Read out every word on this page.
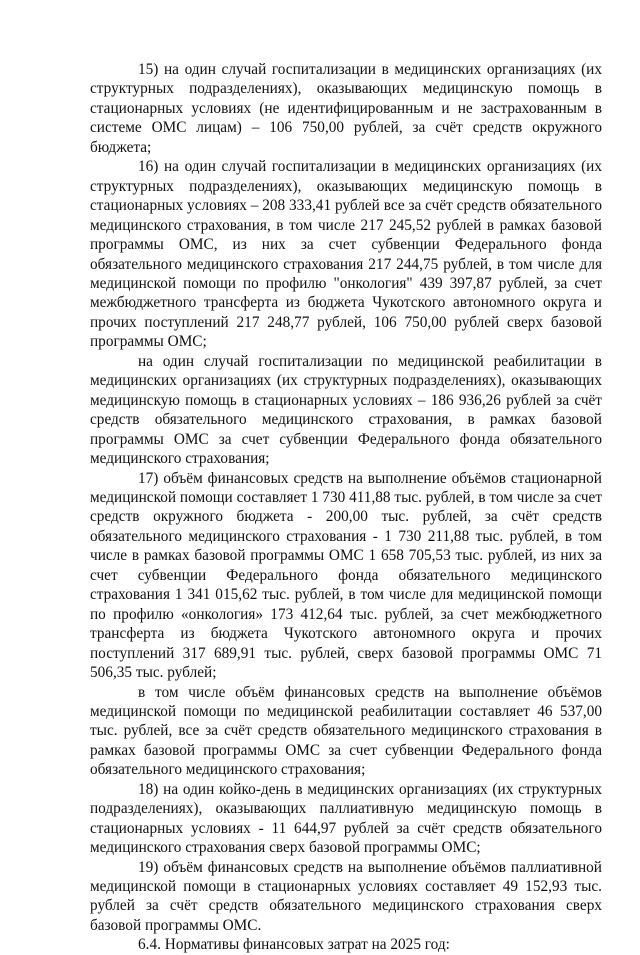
15) на один случай госпитализации в медицинских организациях (их структурных подразделениях), оказывающих медицинскую помощь в стационарных условиях (не идентифицированным и не застрахованным в системе ОМС лицам) – 106 750,00 рублей, за счёт средств окружного бюджета;

16) на один случай госпитализации в медицинских организациях (их структурных подразделениях), оказывающих медицинскую помощь в стационарных условиях – 208 333,41 рублей все за счёт средств обязательного медицинского страхования, в том числе 217 245,52 рублей в рамках базовой программы ОМС, из них за счет субвенции Федерального фонда обязательного медицинского страхования 217 244,75 рублей, в том числе для медицинской помощи по профилю "онкология" 439 397,87 рублей, за счет межбюджетного трансферта из бюджета Чукотского автономного округа и прочих поступлений 217 248,77 рублей, 106 750,00 рублей сверх базовой программы ОМС;

на один случай госпитализации по медицинской реабилитации в медицинских организациях (их структурных подразделениях), оказывающих медицинскую помощь в стационарных условиях – 186 936,26 рублей за счёт средств обязательного медицинского страхования, в рамках базовой программы ОМС за счет субвенции Федерального фонда обязательного медицинского страхования;

17) объём финансовых средств на выполнение объёмов стационарной медицинской помощи составляет 1 730 411,88 тыс. рублей, в том числе за счет средств окружного бюджета - 200,00 тыс. рублей, за счёт средств обязательного медицинского страхования - 1 730 211,88 тыс. рублей, в том числе в рамках базовой программы ОМС 1 658 705,53 тыс. рублей, из них за счет субвенции Федерального фонда обязательного медицинского страхования 1 341 015,62 тыс. рублей, в том числе для медицинской помощи по профилю «онкология» 173 412,64 тыс. рублей, за счет межбюджетного трансферта из бюджета Чукотского автономного округа и прочих поступлений 317 689,91 тыс. рублей, сверх базовой программы ОМС 71 506,35 тыс. рублей;

в том числе объём финансовых средств на выполнение объёмов медицинской помощи по медицинской реабилитации составляет 46 537,00 тыс. рублей, все за счёт средств обязательного медицинского страхования в рамках базовой программы ОМС за счет субвенции Федерального фонда обязательного медицинского страхования;

18) на один койко-день в медицинских организациях (их структурных подразделениях), оказывающих паллиативную медицинскую помощь в стационарных условиях - 11 644,97 рублей за счёт средств обязательного медицинского страхования сверх базовой программы ОМС;

19) объём финансовых средств на выполнение объёмов паллиативной медицинской помощи в стационарных условиях составляет 49 152,93 тыс. рублей за счёт средств обязательного медицинского страхования сверх базовой программы ОМС.

6.4. Нормативы финансовых затрат на 2025 год:
